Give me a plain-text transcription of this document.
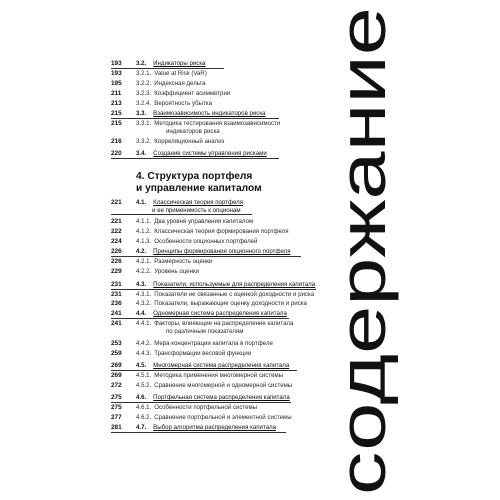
193	3.2. Индикаторы риска
193	3.2.1. Value at Risk (VaR)
195	3.2.2. Индексная дельта
211	3.2.3. Коэффициент асимметрии
213	3.2.4. Вероятность убытка
215	3.3. Взаимозависимость индикаторов риска
215	3.3.1. Методика тестирования взаимозависимости
индикаторов риска
216	3.3.2. Корреляционный анализ
220	3.4. Создание системы управления рисками
221	4.1. Классическая теория портфеля
и ее применимость к опционам
221	4.1.1. Два уровня управления капиталом
222	4.1.2. Классическая теория формирования портфеля
224	4.1.3. Особенности опционных портфелей
226	4.2. Принципы формирования опционного портфеля
226	4.2.1. Размерность оценки
229	4.2.2. Уровень оценки
231	4.3. Показатели, используемые для распределения капитала
231	4.3.1. Показатели не связанные с оценкой доходности и риска
236	4.3.2. Показатели, выражающие оценку доходности и риска
241	4.4. Одномерная система распределения капитала
241	4.4.1. Факторы, влияющие на распределение капитала
по различным показателям
253	4.4.2. Мера концентрации капитала в портфеле
259	4.4.3. Трансформации весовой функции
269	4.5. Многомерная система распределения капитала
269	4.5.1. Методика применения многомерной системы
272	4.5.2. Сравнение многомерной и одномерной системы
275	4.6. Портфельная система распределения капитала
275	4.6.1. Особенности портфельной системы
277	4.6.2. Сравнение портфельной и элементной системы
281	4.7. Выбор алгоритма распределения капитала
4. Структура портфеля
и управление капиталом содержание
